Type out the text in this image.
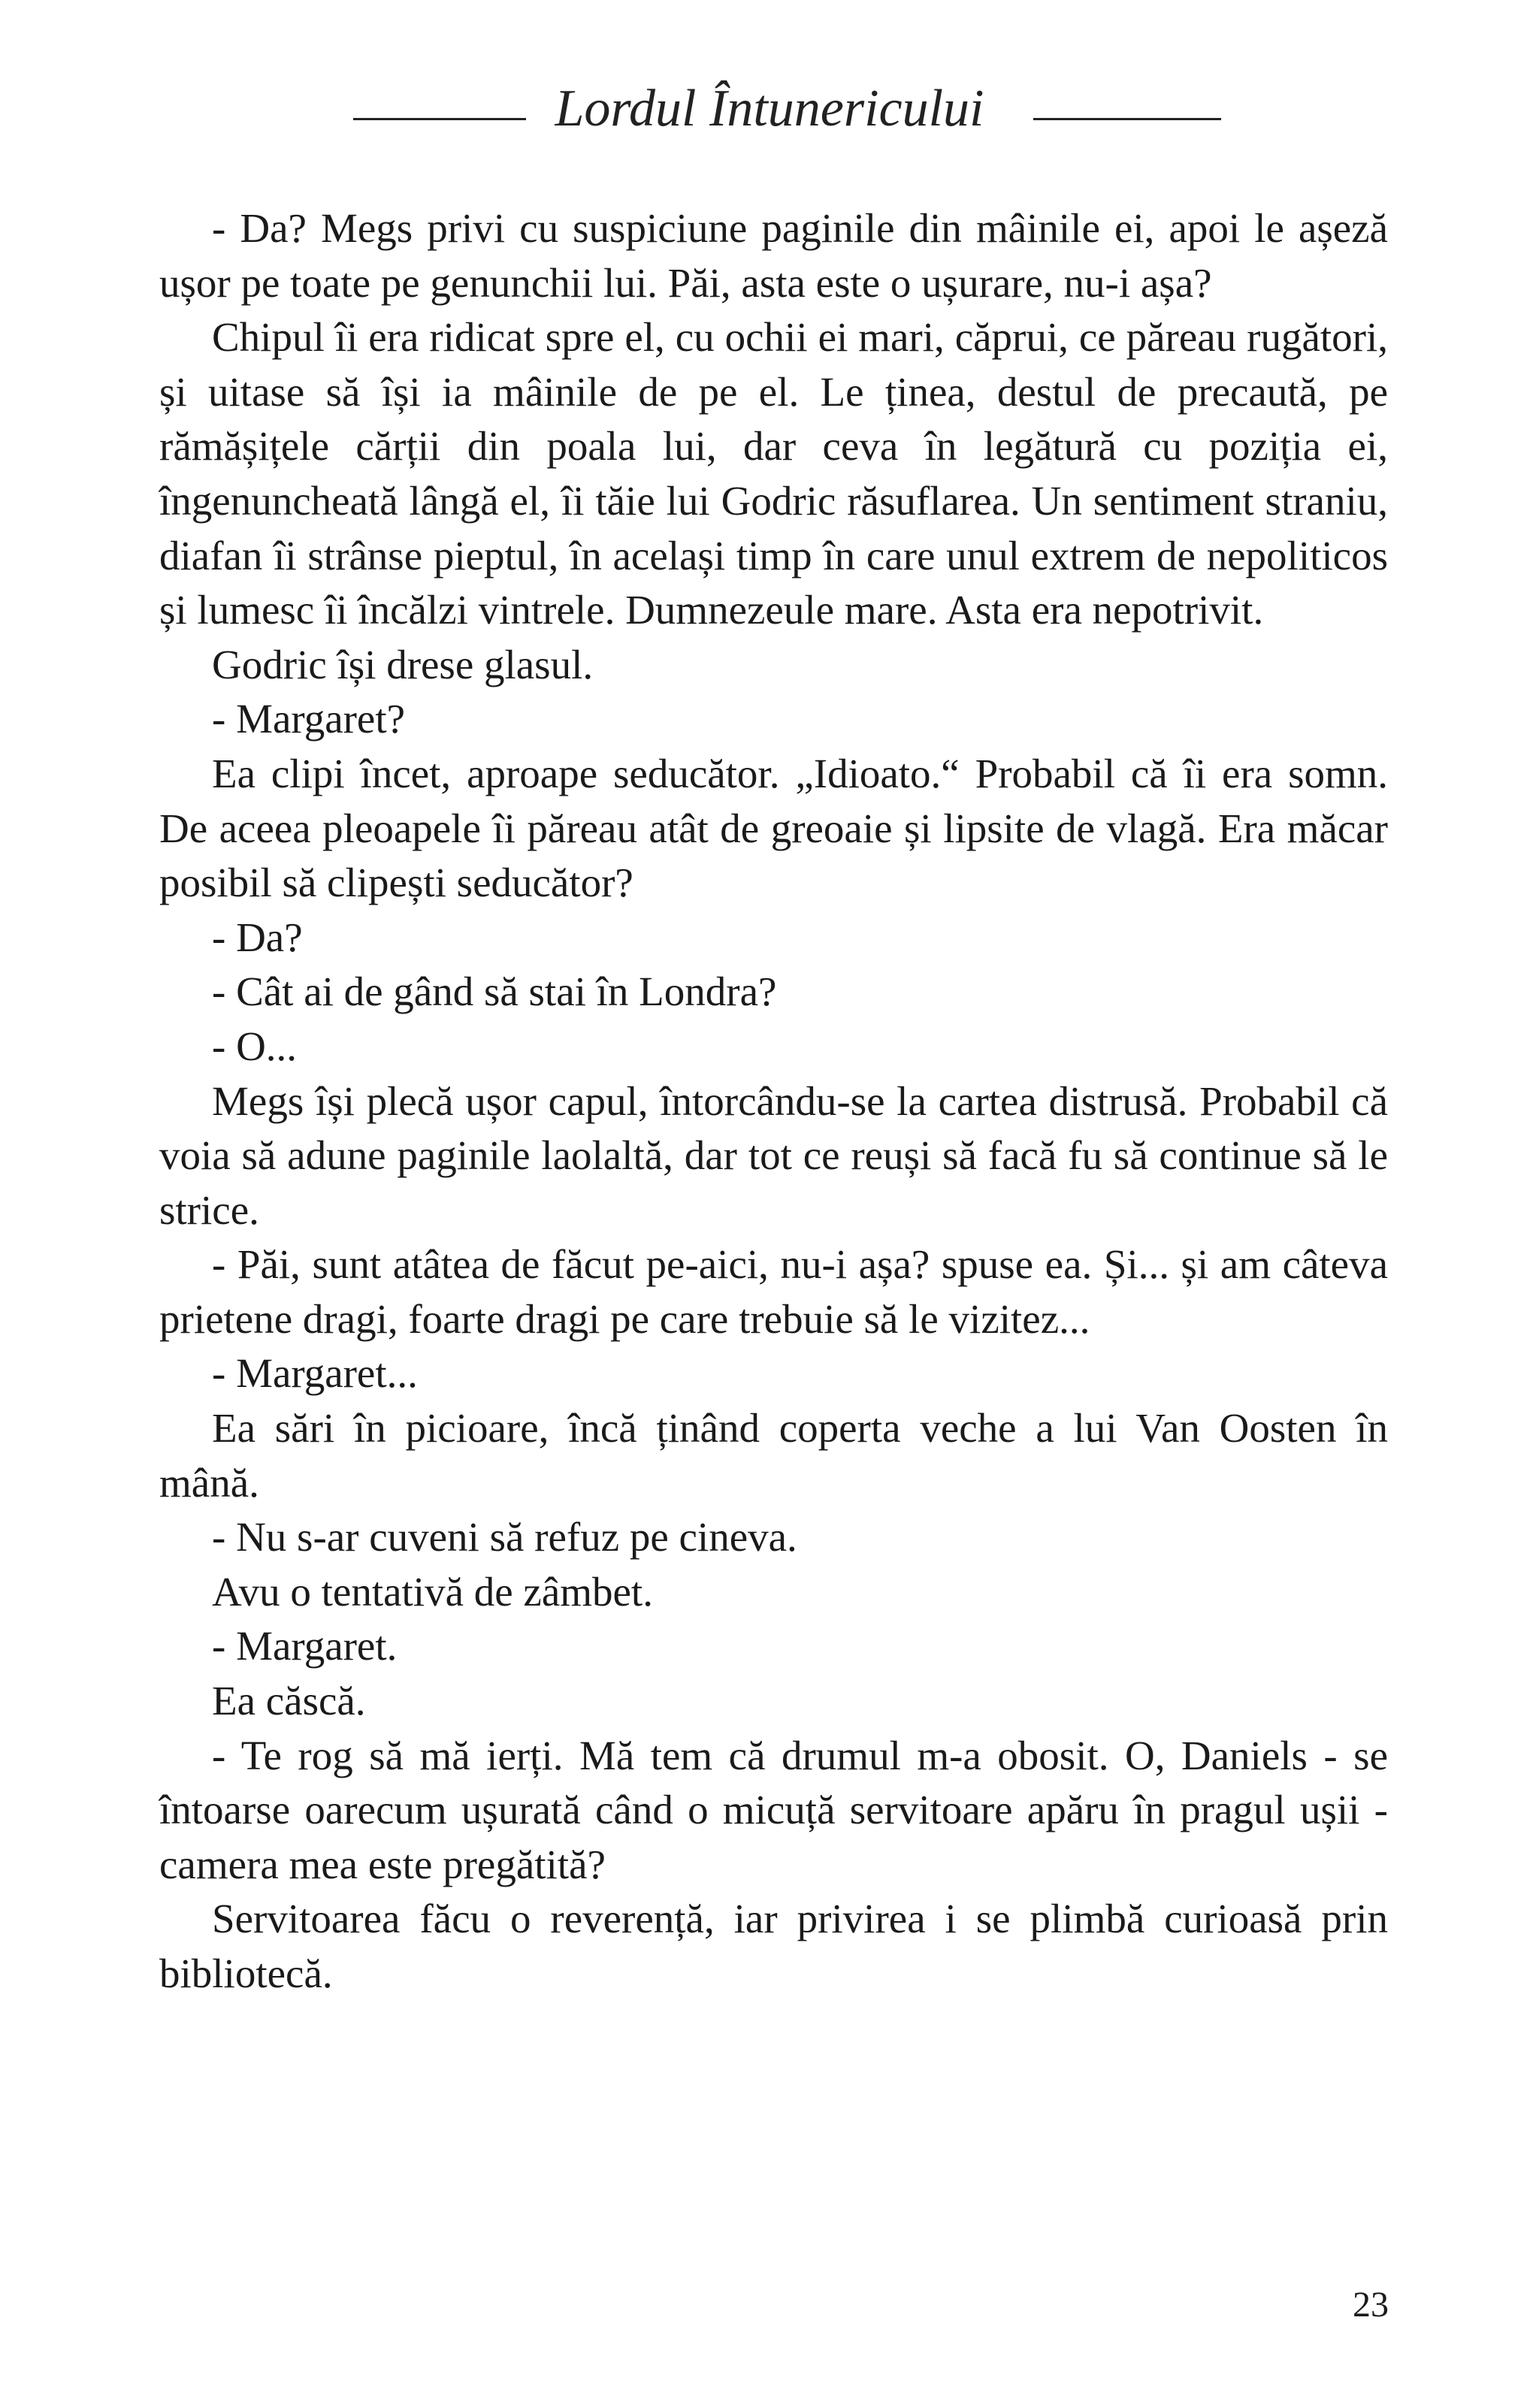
Lordul Întunericului

- Da? Megs privi cu suspiciune paginile din mâinile ei, apoi le așeză ușor pe toate pe genunchii lui. Păi, asta este o ușurare, nu-i așa?

Chipul îi era ridicat spre el, cu ochii ei mari, căprui, ce păreau rugători, și uitase să își ia mâinile de pe el. Le ținea, destul de precaută, pe rămășițele cărții din poala lui, dar ceva în legătură cu poziția ei, îngenuncheată lângă el, îi tăie lui Godric răsuflarea. Un sentiment straniu, diafan îi strânse pieptul, în același timp în care unul extrem de nepoliticos și lumesc îi încălzi vintrele. Dumnezeule mare. Asta era nepotrivit.

Godric își drese glasul.

- Margaret?

Ea clipi încet, aproape seducător. „Idioato.“ Probabil că îi era somn. De aceea pleoapele îi păreau atât de greoaie și lipsite de vlagă. Era măcar posibil să clipești seducător?

- Da?

- Cât ai de gând să stai în Londra?

- O...

Megs își plecă ușor capul, întorcându-se la cartea distrusă. Probabil că voia să adune paginile laolaltă, dar tot ce reuși să facă fu să continue să le strice.

- Păi, sunt atâtea de făcut pe-aici, nu-i așa? spuse ea. Și... și am câteva prietene dragi, foarte dragi pe care trebuie să le vizitez...

- Margaret...

Ea sări în picioare, încă ținând coperta veche a lui Van Oosten în mână.

- Nu s-ar cuveni să refuz pe cineva.

Avu o tentativă de zâmbet.

- Margaret.

Ea căscă.

- Te rog să mă ierți. Mă tem că drumul m-a obosit. O, Daniels - se întoarse oarecum ușurată când o micuță servitoare apăru în pragul ușii - camera mea este pregătită?

Servitoarea făcu o reverență, iar privirea i se plimbă curioasă prin bibliotecă.

23
